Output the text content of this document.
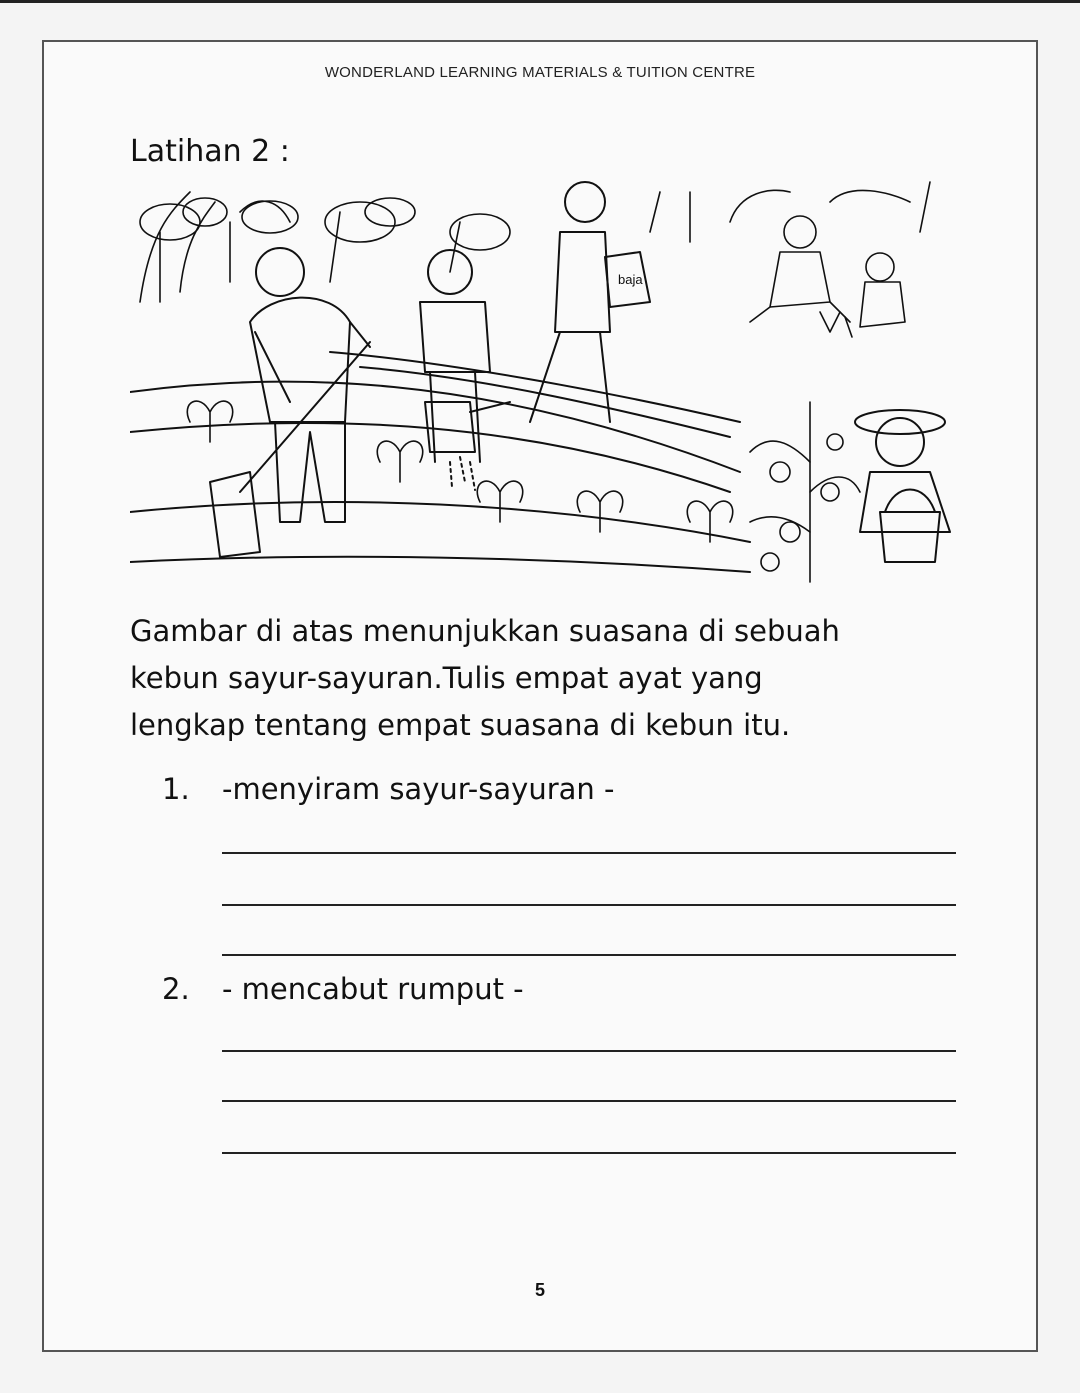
WONDERLAND LEARNING MATERIALS & TUITION CENTRE
Latihan 2 :
baja
Gambar di atas menunjukkan suasana di sebuah
kebun sayur-sayuran.Tulis empat ayat yang
lengkap tentang empat suasana di kebun itu.
1. -menyiram sayur-sayuran -
2. - mencabut rumput -
5
